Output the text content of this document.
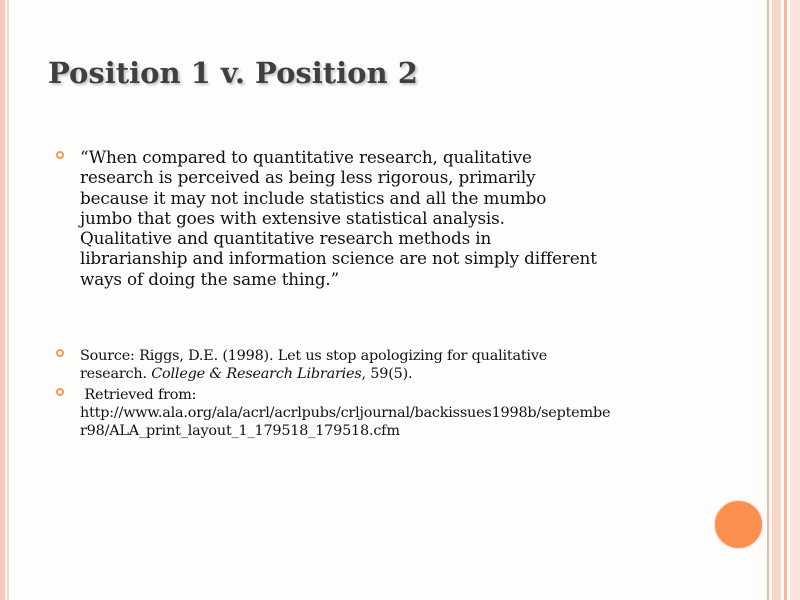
Position 1 v. Position 2
“When compared to quantitative research, qualitative
research is perceived as being less rigorous, primarily
because it may not include statistics and all the mumbo
jumbo that goes with extensive statistical analysis.
Qualitative and quantitative research methods in
librarianship and information science are not simply different
ways of doing the same thing.”
Source: Riggs, D.E. (1998). Let us stop apologizing for qualitative
research. College & Research Libraries, 59(5).
Retrieved from:
http://www.ala.org/ala/acrl/acrlpubs/crljournal/backissues1998b/septembe
r98/ALA_print_layout_1_179518_179518.cfm
